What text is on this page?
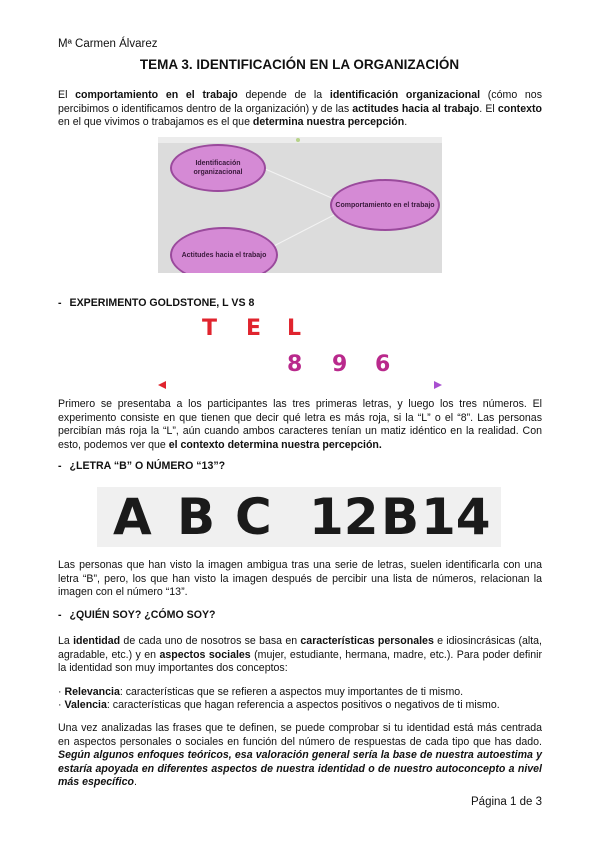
Mª Carmen Álvarez
TEMA 3. IDENTIFICACIÓN EN LA ORGANIZACIÓN
El comportamiento en el trabajo depende de la identificación organizacional (cómo nos percibimos o identificamos dentro de la organización) y de las actitudes hacia al trabajo. El contexto en el que vivimos o trabajamos es el que determina nuestra percepción.
Identificación organizacional
Comportamiento en el trabajo
Actitudes hacia el trabajo
- EXPERIMENTO GOLDSTONE, L VS 8
T E L
8 9 6
Primero se presentaba a los participantes las tres primeras letras, y luego los tres números. El experimento consiste en que tienen que decir qué letra es más roja, si la “L” o el “8”. Las personas percibían más roja la “L”, aún cuando ambos caracteres tenían un matiz idéntico en la realidad. Con esto, podemos ver que el contexto determina nuestra percepción.
- ¿LETRA “B” O NÚMERO “13”?
A B C 12 B 14
Las personas que han visto la imagen ambigua tras una serie de letras, suelen identificarla con una letra “B”, pero, los que han visto la imagen después de percibir una lista de números, relacionan la imagen con el número “13”.
- ¿QUIÉN SOY? ¿CÓMO SOY?
La identidad de cada uno de nosotros se basa en características personales e idiosincrásicas (alta, agradable, etc.) y en aspectos sociales (mujer, estudiante, hermana, madre, etc.). Para poder definir la identidad son muy importantes dos conceptos:
· Relevancia: características que se refieren a aspectos muy importantes de ti mismo.
· Valencia: características que hagan referencia a aspectos positivos o negativos de ti mismo.
Una vez analizadas las frases que te definen, se puede comprobar si tu identidad está más centrada en aspectos personales o sociales en función del número de respuestas de cada tipo que has dado. Según algunos enfoques teóricos, esa valoración general sería la base de nuestra autoestima y estaría apoyada en diferentes aspectos de nuestra identidad o de nuestro autoconcepto a nivel más específico.
Página 1 de 3
